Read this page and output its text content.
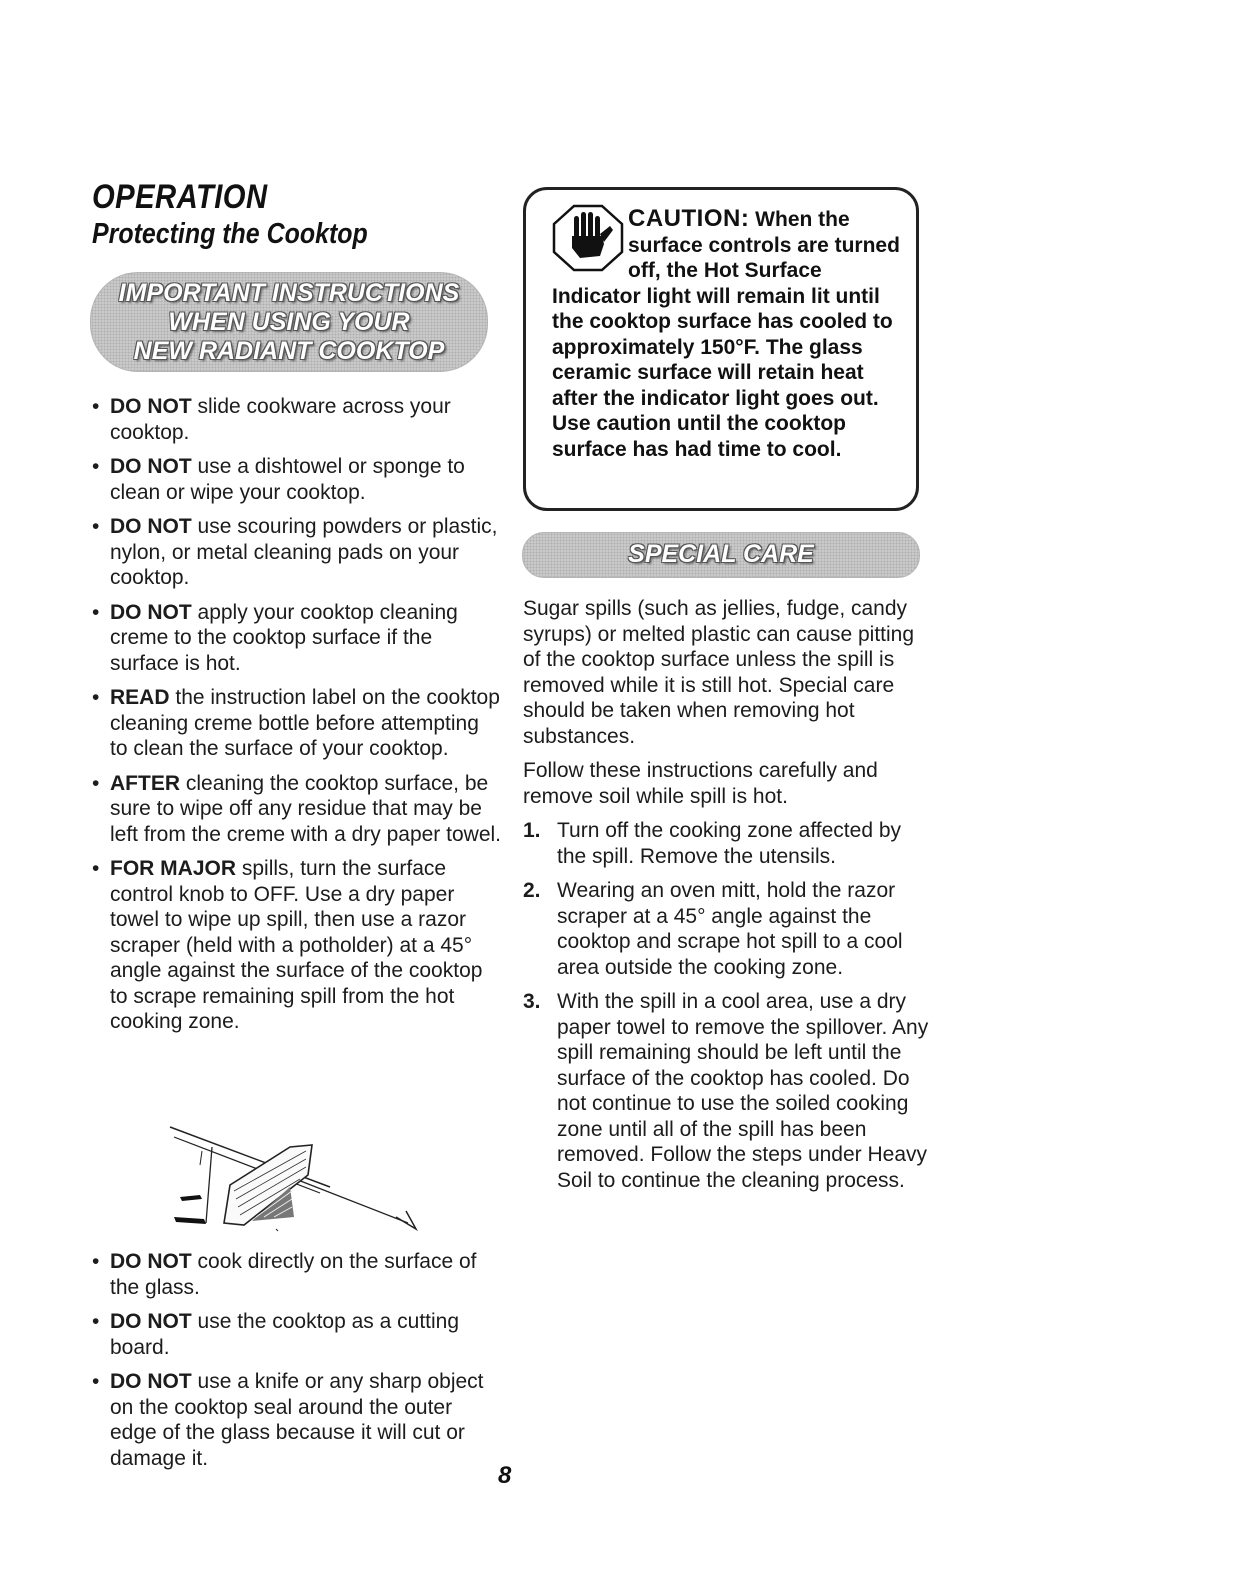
OPERATION
Protecting the Cooktop
IMPORTANT INSTRUCTIONS
WHEN USING YOUR
NEW RADIANT COOKTOP
• DO NOT slide cookware across your cooktop.
• DO NOT use a dishtowel or sponge to clean or wipe your cooktop.
• DO NOT use scouring powders or plastic, nylon, or metal cleaning pads on your cooktop.
• DO NOT apply your cooktop cleaning creme to the cooktop surface if the surface is hot.
• READ the instruction label on the cooktop cleaning creme bottle before attempting to clean the surface of your cooktop.
• AFTER cleaning the cooktop surface, be sure to wipe off any residue that may be left from the creme with a dry paper towel.
• FOR MAJOR spills, turn the surface control knob to OFF. Use a dry paper towel to wipe up spill, then use a razor scraper (held with a potholder) at a 45° angle against the surface of the cooktop to scrape remaining spill from the hot cooking zone.
• DO NOT cook directly on the surface of the glass.
• DO NOT use the cooktop as a cutting board.
• DO NOT use a knife or any sharp object on the cooktop seal around the outer edge of the glass because it will cut or damage it.

CAUTION: When the surface controls are turned off, the Hot Surface Indicator light will remain lit until the cooktop surface has cooled to approximately 150°F. The glass ceramic surface will retain heat after the indicator light goes out. Use caution until the cooktop surface has had time to cool.

SPECIAL CARE

Sugar spills (such as jellies, fudge, candy syrups) or melted plastic can cause pitting of the cooktop surface unless the spill is removed while it is still hot. Special care should be taken when removing hot substances.

Follow these instructions carefully and remove soil while spill is hot.

1. Turn off the cooking zone affected by the spill. Remove the utensils.
2. Wearing an oven mitt, hold the razor scraper at a 45° angle against the cooktop and scrape hot spill to a cool area outside the cooking zone.
3. With the spill in a cool area, use a dry paper towel to remove the spillover. Any spill remaining should be left until the surface of the cooktop has cooled. Do not continue to use the soiled cooking zone until all of the spill has been removed. Follow the steps under Heavy Soil to continue the cleaning process.
8
